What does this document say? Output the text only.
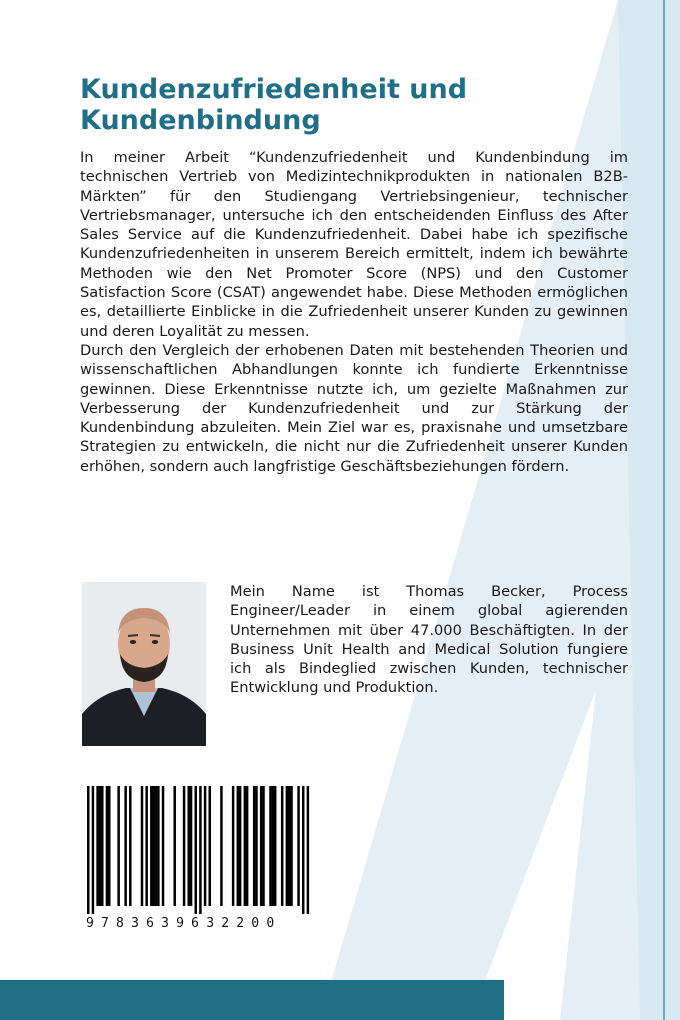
Kundenzufriedenheit und Kundenbindung

In meiner Arbeit “Kundenzufriedenheit und Kundenbindung im technischen Vertrieb von Medizintechnikprodukten in nationalen B2B-Märkten” für den Studiengang Vertriebsingenieur, technischer Vertriebsmanager, untersuche ich den entscheidenden Einfluss des After Sales Service auf die Kundenzufriedenheit. Dabei habe ich spezifische Kundenzufriedenheiten in unserem Bereich ermittelt, indem ich bewährte Methoden wie den Net Promoter Score (NPS) und den Customer Satisfaction Score (CSAT) angewendet habe. Diese Methoden ermöglichen es, detaillierte Einblicke in die Zufriedenheit unserer Kunden zu gewinnen und deren Loyalität zu messen.

Durch den Vergleich der erhobenen Daten mit bestehenden Theorien und wissenschaftlichen Abhandlungen konnte ich fundierte Erkenntnisse gewinnen. Diese Erkenntnisse nutzte ich, um gezielte Maßnahmen zur Verbesserung der Kundenzufriedenheit und zur Stärkung der Kundenbindung abzuleiten. Mein Ziel war es, praxisnahe und umsetzbare Strategien zu entwickeln, die nicht nur die Zufriedenheit unserer Kunden erhöhen, sondern auch langfristige Geschäftsbeziehungen fördern.

Mein Name ist Thomas Becker, Process Engineer/Leader in einem global agierenden Unternehmen mit über 47.000 Beschäftigten. In der Business Unit Health and Medical Solution fungiere ich als Bindeglied zwischen Kunden, technischer Entwicklung und Produktion.

9783639632200
